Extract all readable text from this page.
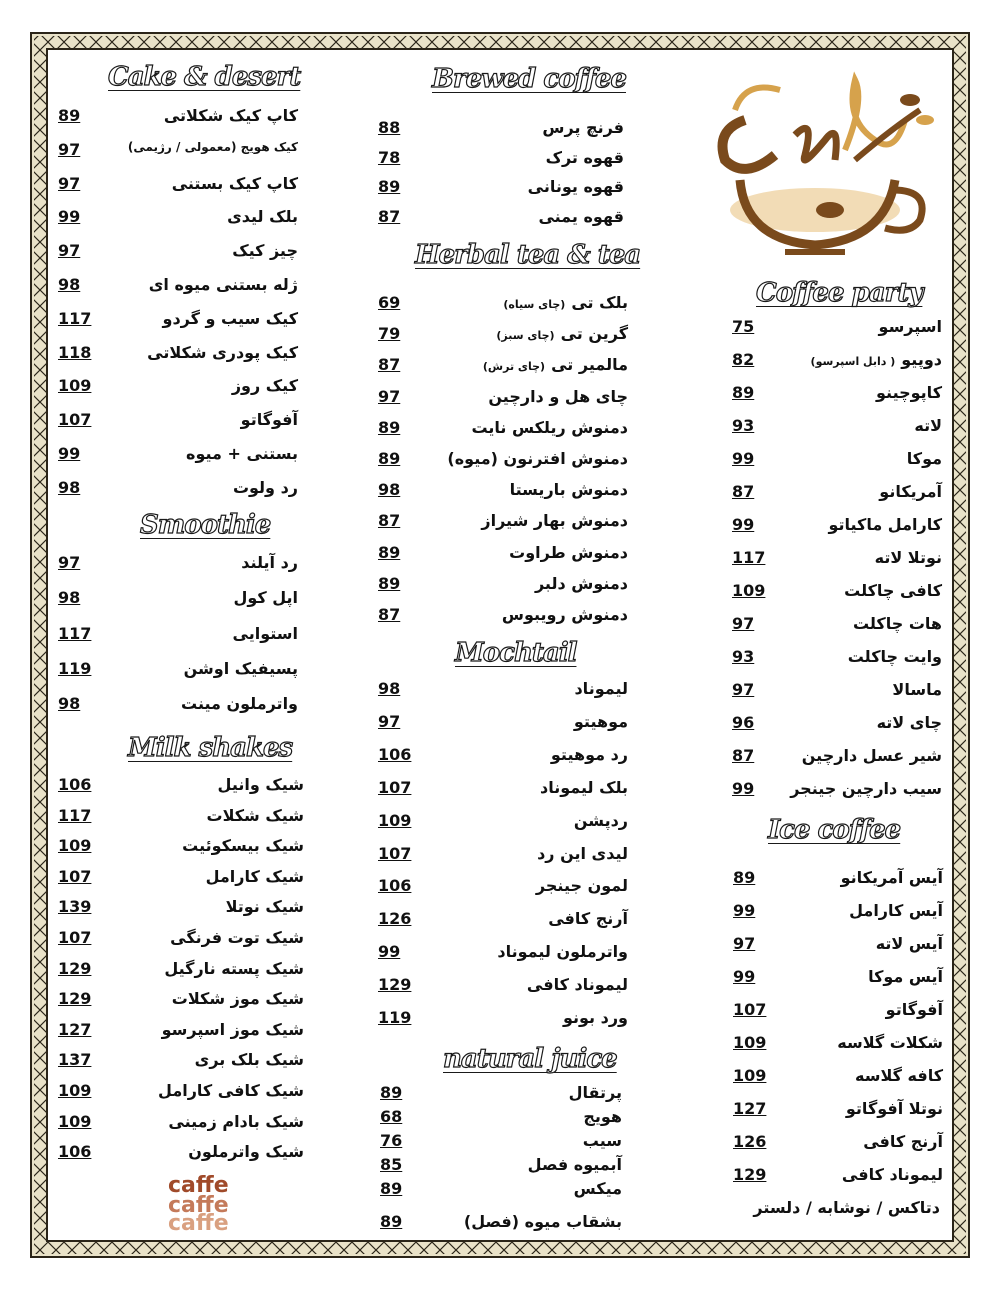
Coffee
caffe
caffe
caffe
Cake & desert
89	کاپ کیک شکلاتی
97	کیک هویج (معمولی / رژیمی)
97	کاپ کیک بستنی
99	بلک لیدی
97	چیز کیک
98	ژله بستنی میوه ای
117	کیک سیب و گردو
118	کیک پودری شکلاتی
109	کیک روز
107	آفوگاتو
99	بستنی + میوه
98	رد ولوت
Smoothie
97	رد آیلند
98	اپل کول
117	استوایی
119	پسیفیک اوشن
98	واترملون مینت
Milk shakes
106	شیک وانیل
117	شیک شکلات
109	شیک بیسکوئیت
107	شیک کارامل
139	شیک نوتلا
107	شیک توت فرنگی
129	شیک پسته نارگیل
129	شیک موز شکلات
127	شیک موز اسپرسو
137	شیک بلک بری
109	شیک کافی کارامل
109	شیک بادام زمینی
106	شیک واترملون
Brewed coffee
88	فرنچ پرس
78	قهوه ترک
89	قهوه یونانی
87	قهوه یمنی
Herbal tea & tea
69	بلک تی(چای سیاه)
79	گرین تی(چای سبز)
87	مالمیر تی(چای ترش)
97	چای هل و دارچین
89	دمنوش ریلکس نایت
89	دمنوش افترنون (میوه)
98	دمنوش باریستا
87	دمنوش بهار شیراز
89	دمنوش طراوت
89	دمنوش دلبر
87	دمنوش رویبوس
Mochtail
98	لیموناد
97	موهیتو
106	رد موهیتو
107	بلک لیموناد
109	ردپشن
107	لیدی این رد
106	لمون جینجر
126	آرنج کافی
99	واترملون لیموناد
129	لیموناد کافی
119	ورد بونو
natural juice
89	پرتقال
68	هویج
76	سیب
85	آبمیوه فصل
89	میکس
89	بشقاب میوه (فصل)
Coffee party
75	اسپرسو
82	دوپیو( دابل اسپرسو)
89	کاپوچینو
93	لاته
99	موکا
87	آمریکانو
99	کارامل ماکیاتو
117	نوتلا لاته
109	کافی چاکلت
97	هات چاکلت
93	وایت چاکلت
97	ماسالا
96	چای لاته
87	شیر عسل دارچین
99 سیب دارچین جینجر
Ice coffee
89	آیس آمریکانو
99	آیس کارامل
97	آیس لاته
99	آیس موکا
107	آفوگاتو
109	شکلات گلاسه
109	کافه گلاسه
127	نوتلا آفوگاتو
126	آرنج کافی
129	لیموناد کافی
دتاکس / نوشابه / دلستر
